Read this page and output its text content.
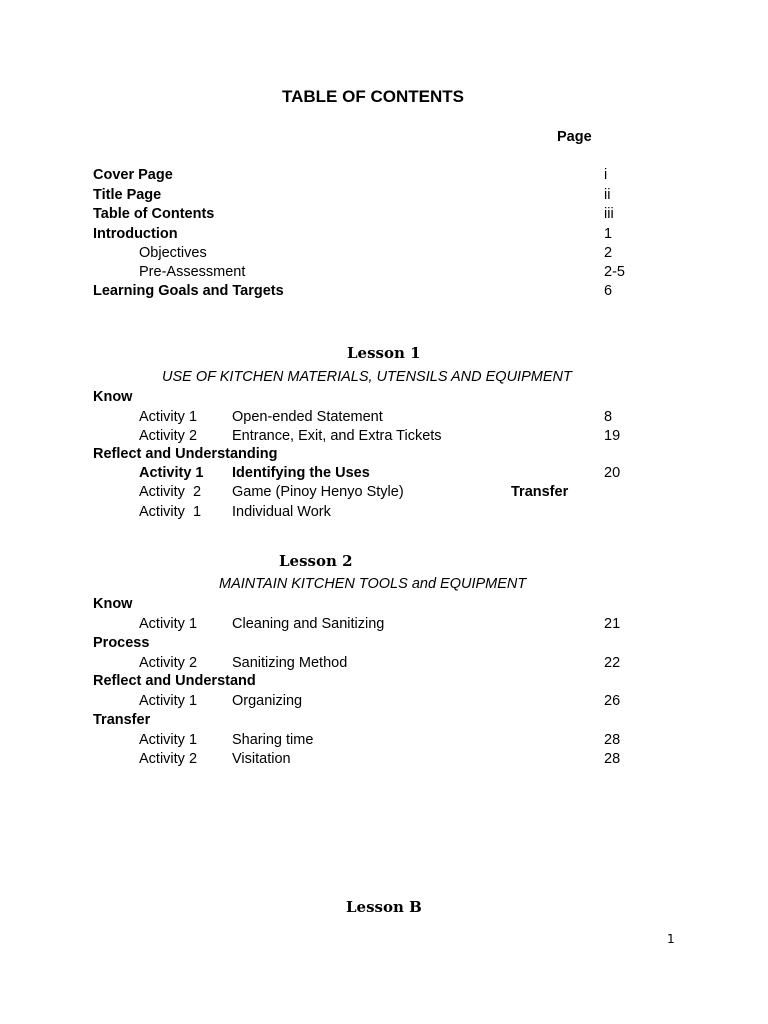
TABLE OF CONTENTS
Page
Cover Page	i
Title Page	ii
Table of Contents	iii
Introduction	1
Objectives	2
Pre-Assessment	2-5
Learning Goals and Targets	6
Lesson 1
USE OF KITCHEN MATERIALS, UTENSILS AND EQUIPMENT
Know
Activity 1 Open-ended Statement	8
Activity 2 Entrance, Exit, and Extra Tickets	19
Reflect and Understanding
Activity 1 Identifying the Uses	20
Activity  2 Game (Pinoy Henyo Style)	Transfer
Activity  1 Individual Work
Lesson 2
MAINTAIN KITCHEN TOOLS and EQUIPMENT
Know
Activity 1 Cleaning and Sanitizing	21
Process
Activity 2 Sanitizing Method	22
Reflect and Understand
Activity 1 Organizing	26
Transfer
Activity 1 Sharing time	28
Activity 2 Visitation	28
Lesson B
1
